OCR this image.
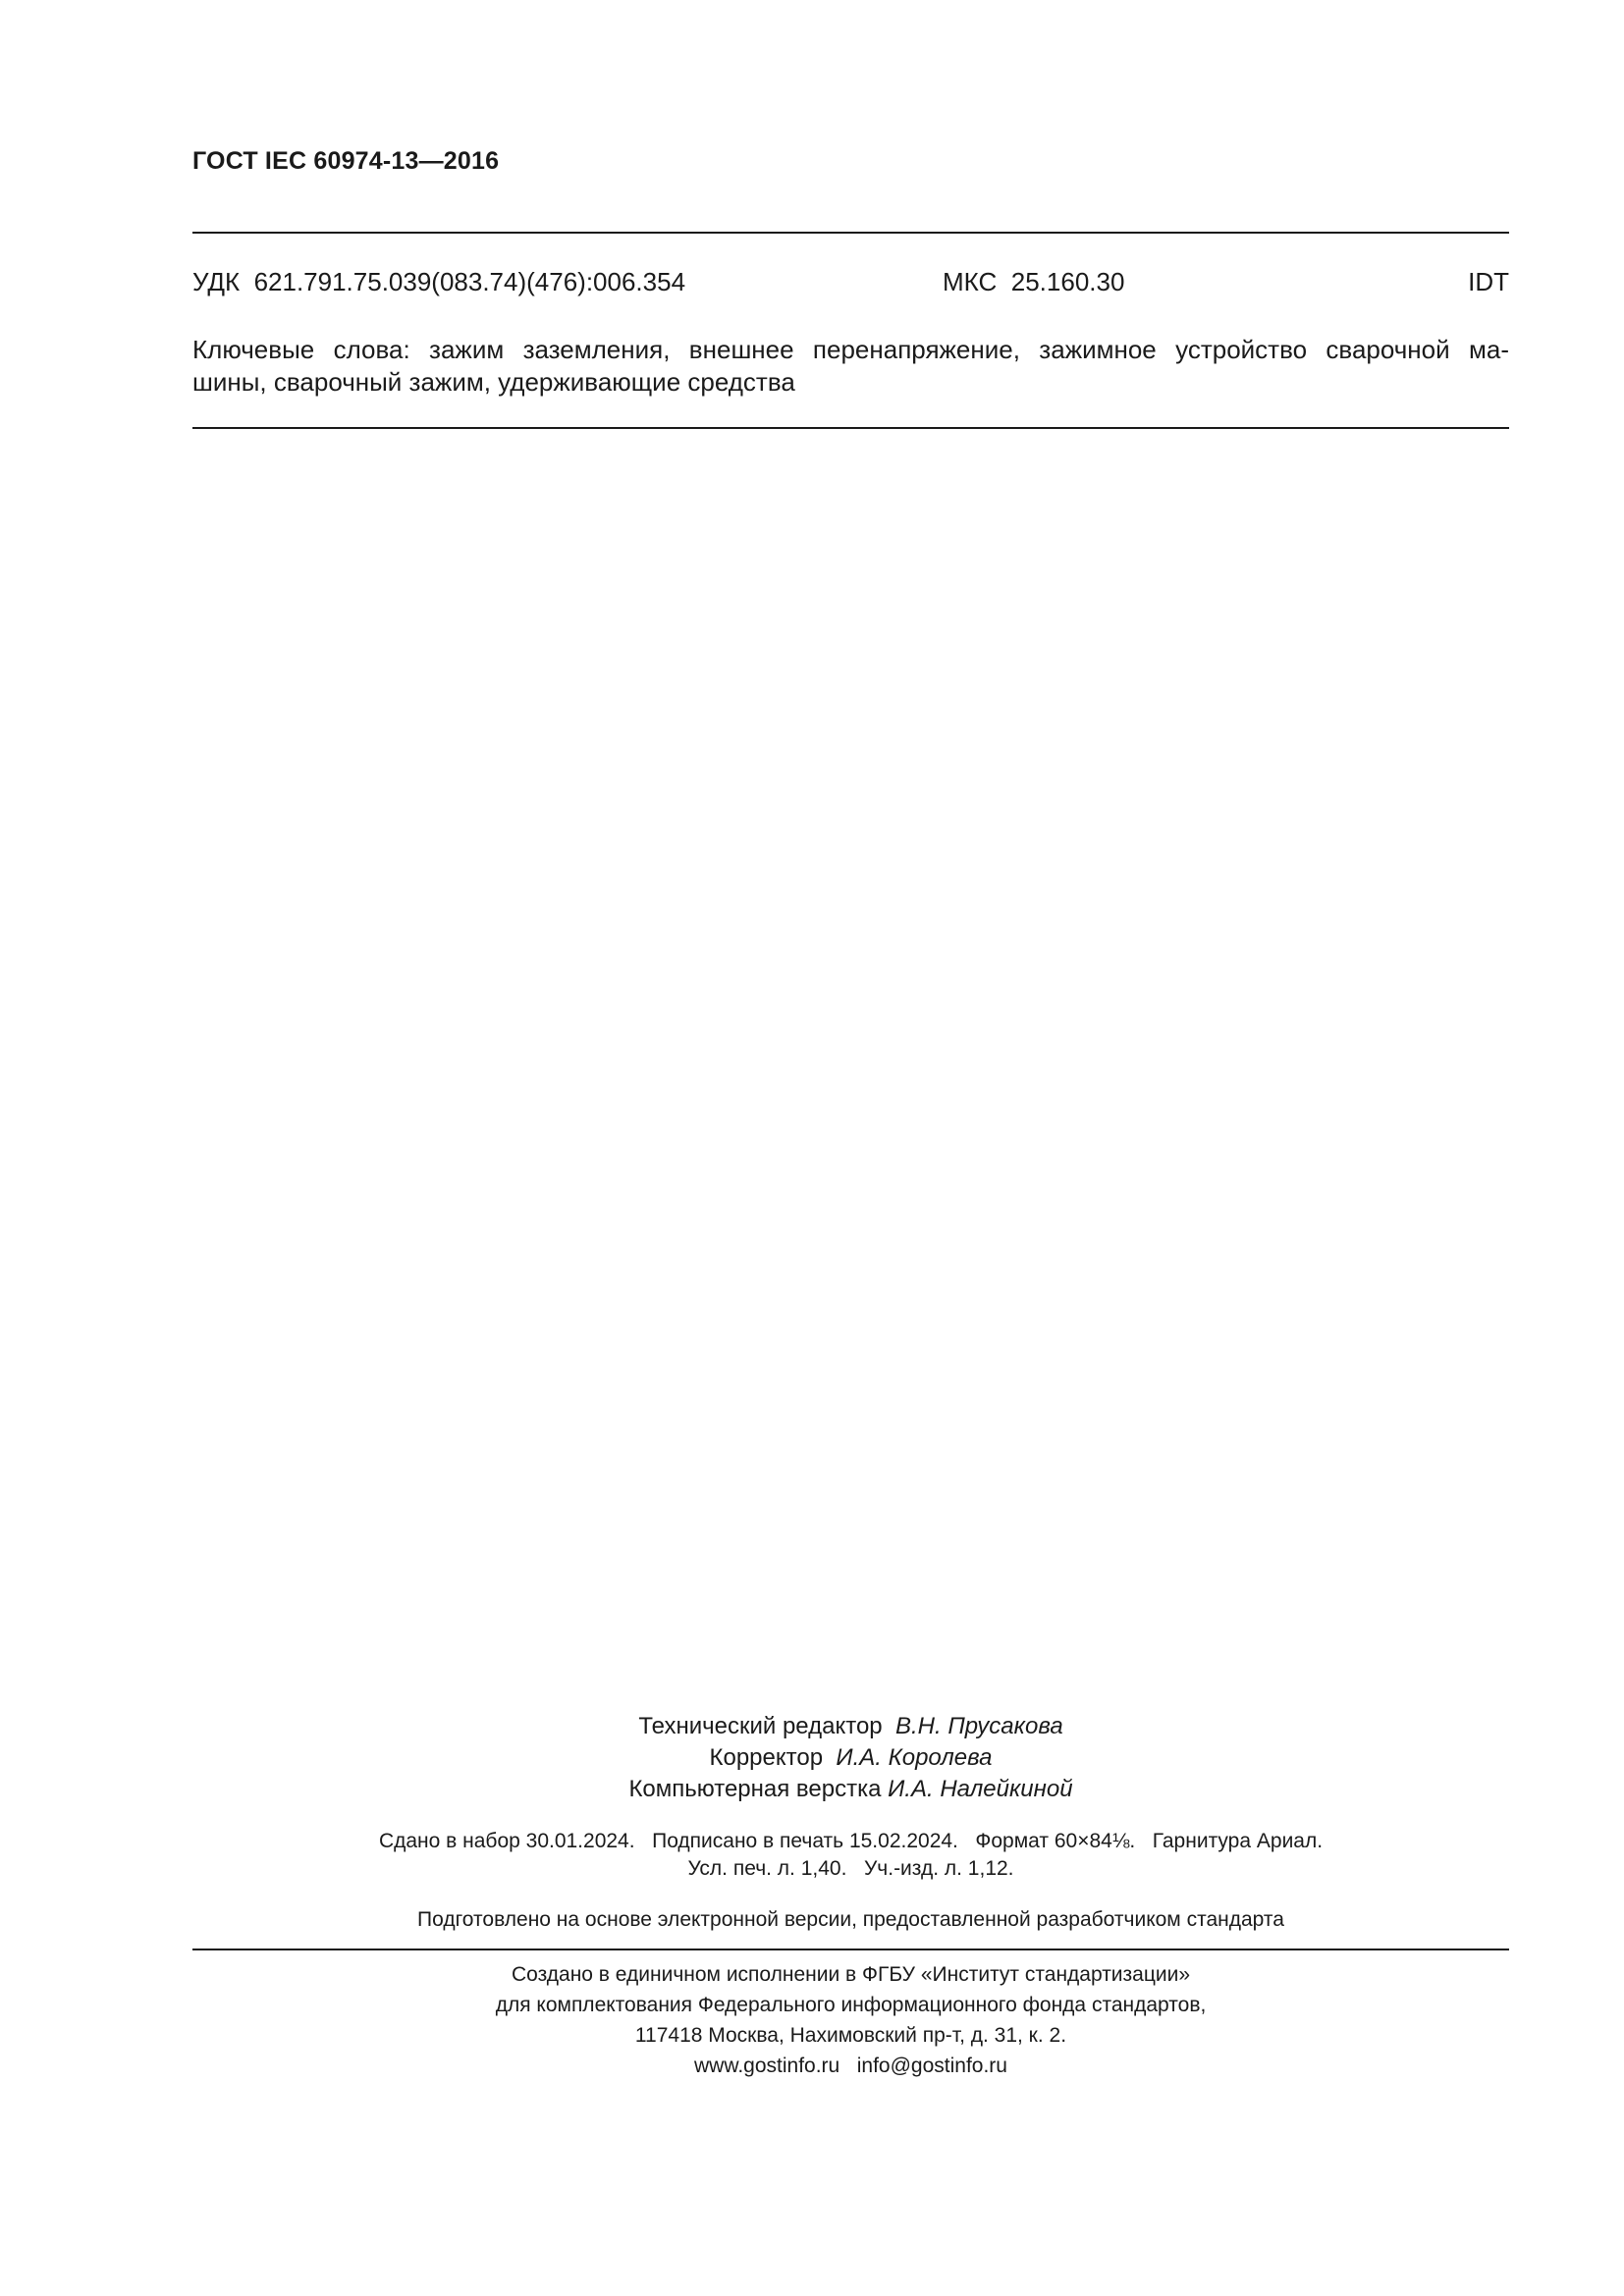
ГОСТ IEC 60974-13—2016
УДК 621.791.75.039(083.74)(476):006.354	МКС 25.160.30	IDT
Ключевые слова: зажим заземления, внешнее перенапряжение, зажимное устройство сварочной ма-
шины, сварочный зажим, удерживающие средства
Технический редактор В.Н. Прусакова
Корректор И.А. Королева
Компьютерная верстка И.А. Налейкиной
Сдано в набор 30.01.2024. Подписано в печать 15.02.2024. Формат 60×84⅛. Гарнитура Ариал.
Усл. печ. л. 1,40. Уч.-изд. л. 1,12.
Подготовлено на основе электронной версии, предоставленной разработчиком стандарта
Создано в единичном исполнении в ФГБУ «Институт стандартизации»
для комплектования Федерального информационного фонда стандартов,
117418 Москва, Нахимовский пр-т, д. 31, к. 2.
www.gostinfo.ru info@gostinfo.ru
